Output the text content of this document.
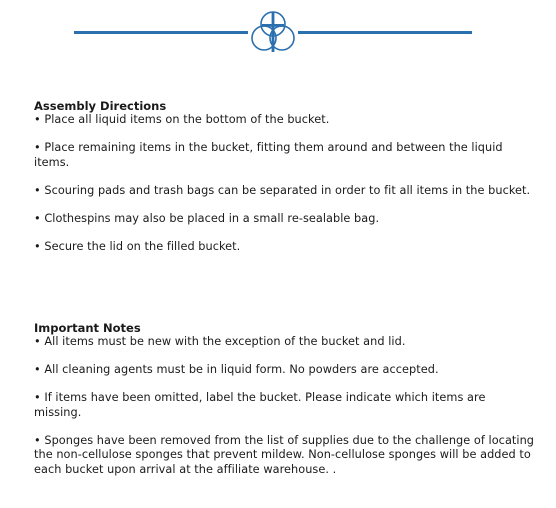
Assembly Directions

• Place all liquid items on the bottom of the bucket.

• Place remaining items in the bucket, fitting them around and between the liquid items.

• Scouring pads and trash bags can be separated in order to fit all items in the bucket.

• Clothespins may also be placed in a small re-sealable bag.

• Secure the lid on the filled bucket.

Important Notes

• All items must be new with the exception of the bucket and lid.

• All cleaning agents must be in liquid form. No powders are accepted.

• If items have been omitted, label the bucket. Please indicate which items are missing.

• Sponges have been removed from the list of supplies due to the challenge of locating the non-cellulose sponges that prevent mildew. Non-cellulose sponges will be added to each bucket upon arrival at the affiliate warehouse. .
